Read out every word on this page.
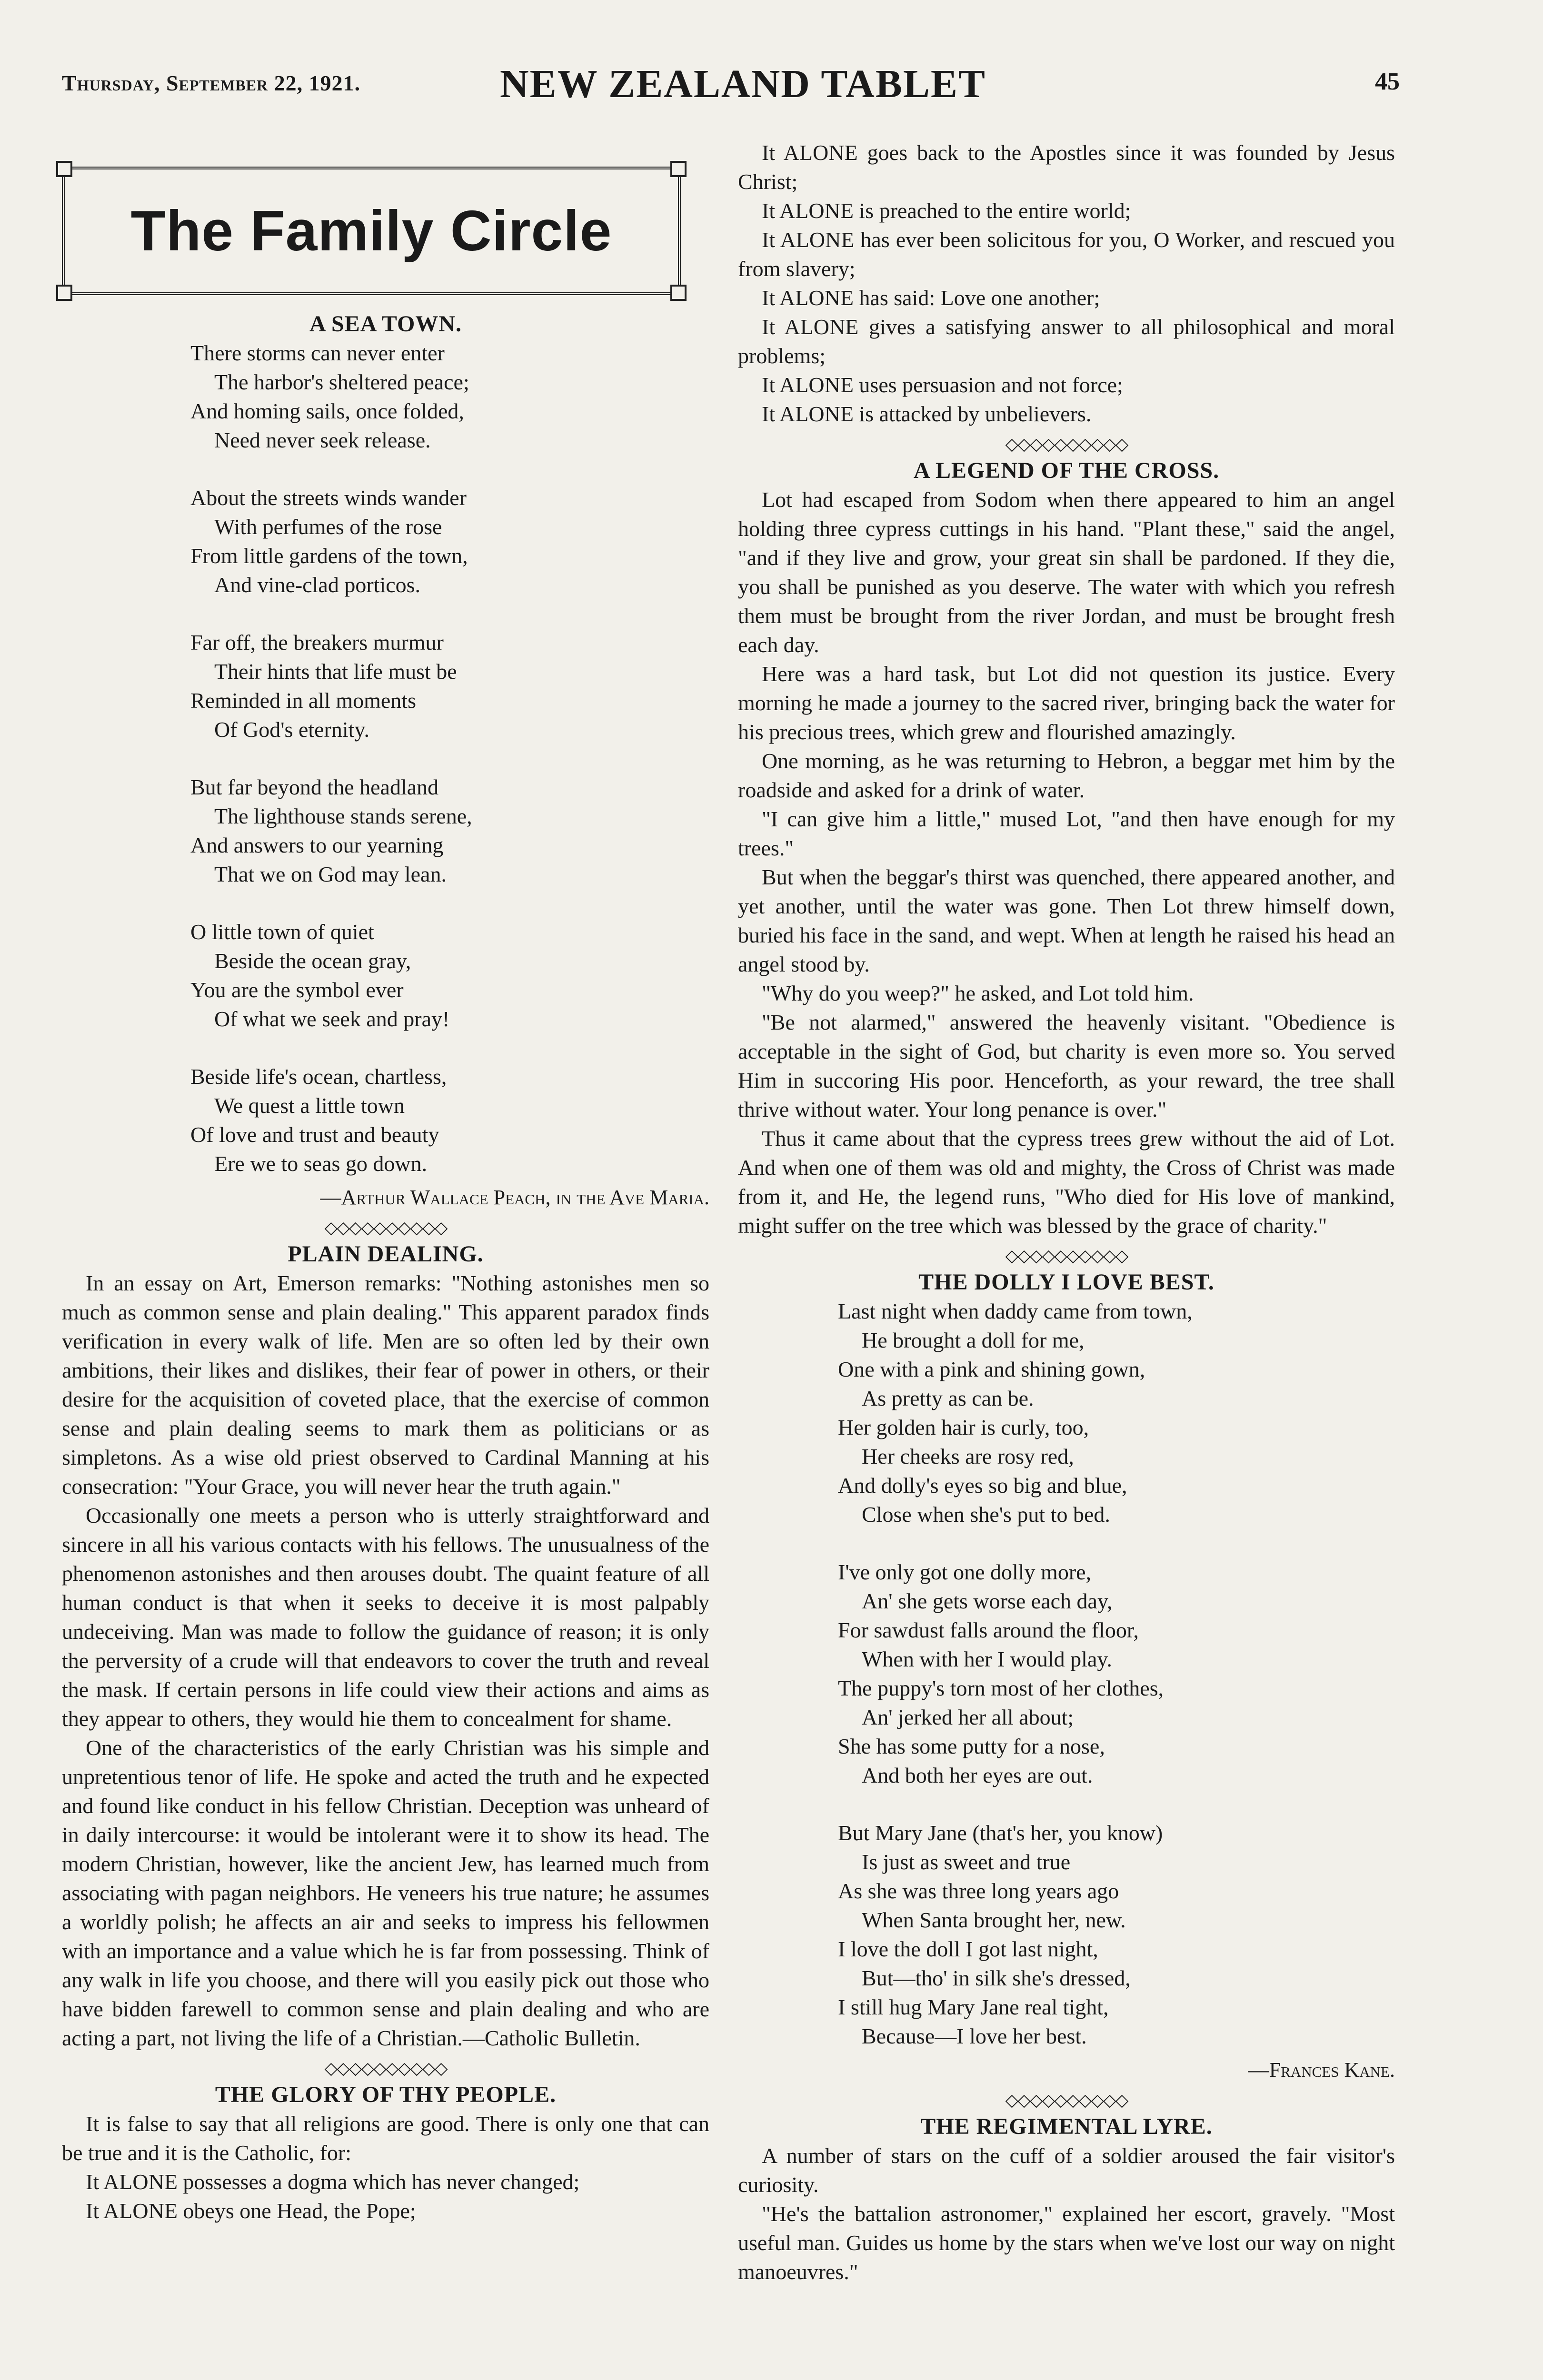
Thursday, September 22, 1921.	NEW ZEALAND TABLET	45
The Family Circle
A SEA TOWN.
There storms can never enter
The harbor's sheltered peace;
And homing sails, once folded,
Need never seek release.
About the streets winds wander
With perfumes of the rose
From little gardens of the town,
And vine-clad porticos.
Far off, the breakers murmur
Their hints that life must be
Reminded in all moments
Of God's eternity.
But far beyond the headland
The lighthouse stands serene,
And answers to our yearning
That we on God may lean.
O little town of quiet
Beside the ocean gray,
You are the symbol ever
Of what we seek and pray!
Beside life's ocean, chartless,
We quest a little town
Of love and trust and beauty
Ere we to seas go down.
—Arthur Wallace Peach, in the Ave Maria.
◇◇◇◇◇◇◇◇◇◇
PLAIN DEALING.

In an essay on Art, Emerson remarks: "Nothing astonishes men so much as common sense and plain dealing." This apparent paradox finds verification in every walk of life. Men are so often led by their own ambitions, their likes and dislikes, their fear of power in others, or their desire for the acquisition of coveted place, that the exercise of common sense and plain dealing seems to mark them as politicians or as simpletons. As a wise old priest observed to Cardinal Manning at his consecration: "Your Grace, you will never hear the truth again."

Occasionally one meets a person who is utterly straightforward and sincere in all his various contacts with his fellows. The unusualness of the phenomenon astonishes and then arouses doubt. The quaint feature of all human conduct is that when it seeks to deceive it is most palpably undeceiving. Man was made to follow the guidance of reason; it is only the perversity of a crude will that endeavors to cover the truth and reveal the mask. If certain persons in life could view their actions and aims as they appear to others, they would hie them to concealment for shame.

One of the characteristics of the early Christian was his simple and unpretentious tenor of life. He spoke and acted the truth and he expected and found like conduct in his fellow Christian. Deception was unheard of in daily intercourse: it would be intolerant were it to show its head. The modern Christian, however, like the ancient Jew, has learned much from associating with pagan neighbors. He veneers his true nature; he assumes a worldly polish; he affects an air and seeks to impress his fellowmen with an importance and a value which he is far from possessing. Think of any walk in life you choose, and there will you easily pick out those who have bidden farewell to common sense and plain dealing and who are acting a part, not living the life of a Christian.—Catholic Bulletin.

◇◇◇◇◇◇◇◇◇◇
THE GLORY OF THY PEOPLE.

It is false to say that all religions are good. There is only one that can be true and it is the Catholic, for:

It ALONE possesses a dogma which has never changed;

It ALONE obeys one Head, the Pope;

It ALONE goes back to the Apostles since it was founded by Jesus Christ;

It ALONE is preached to the entire world;

It ALONE has ever been solicitous for you, O Worker, and rescued you from slavery;

It ALONE has said: Love one another;

It ALONE gives a satisfying answer to all philosophical and moral problems;

It ALONE uses persuasion and not force;

It ALONE is attacked by unbelievers.

◇◇◇◇◇◇◇◇◇◇
A LEGEND OF THE CROSS.

Lot had escaped from Sodom when there appeared to him an angel holding three cypress cuttings in his hand. "Plant these," said the angel, "and if they live and grow, your great sin shall be pardoned. If they die, you shall be punished as you deserve. The water with which you refresh them must be brought from the river Jordan, and must be brought fresh each day.

Here was a hard task, but Lot did not question its justice. Every morning he made a journey to the sacred river, bringing back the water for his precious trees, which grew and flourished amazingly.

One morning, as he was returning to Hebron, a beggar met him by the roadside and asked for a drink of water.

"I can give him a little," mused Lot, "and then have enough for my trees."

But when the beggar's thirst was quenched, there appeared another, and yet another, until the water was gone. Then Lot threw himself down, buried his face in the sand, and wept. When at length he raised his head an angel stood by.

"Why do you weep?" he asked, and Lot told him.

"Be not alarmed," answered the heavenly visitant. "Obedience is acceptable in the sight of God, but charity is even more so. You served Him in succoring His poor. Henceforth, as your reward, the tree shall thrive without water. Your long penance is over."

Thus it came about that the cypress trees grew without the aid of Lot. And when one of them was old and mighty, the Cross of Christ was made from it, and He, the legend runs, "Who died for His love of mankind, might suffer on the tree which was blessed by the grace of charity."

◇◇◇◇◇◇◇◇◇◇
THE DOLLY I LOVE BEST.
Last night when daddy came from town,
He brought a doll for me,
One with a pink and shining gown,
As pretty as can be.
Her golden hair is curly, too,
Her cheeks are rosy red,
And dolly's eyes so big and blue,
Close when she's put to bed.
I've only got one dolly more,
An' she gets worse each day,
For sawdust falls around the floor,
When with her I would play.
The puppy's torn most of her clothes,
An' jerked her all about;
She has some putty for a nose,
And both her eyes are out.
But Mary Jane (that's her, you know)
Is just as sweet and true
As she was three long years ago
When Santa brought her, new.
I love the doll I got last night,
But—tho' in silk she's dressed,
I still hug Mary Jane real tight,
Because—I love her best.
—Frances Kane.
◇◇◇◇◇◇◇◇◇◇
THE REGIMENTAL LYRE.

A number of stars on the cuff of a soldier aroused the fair visitor's curiosity.

"He's the battalion astronomer," explained her escort, gravely. "Most useful man. Guides us home by the stars when we've lost our way on night manoeuvres."
